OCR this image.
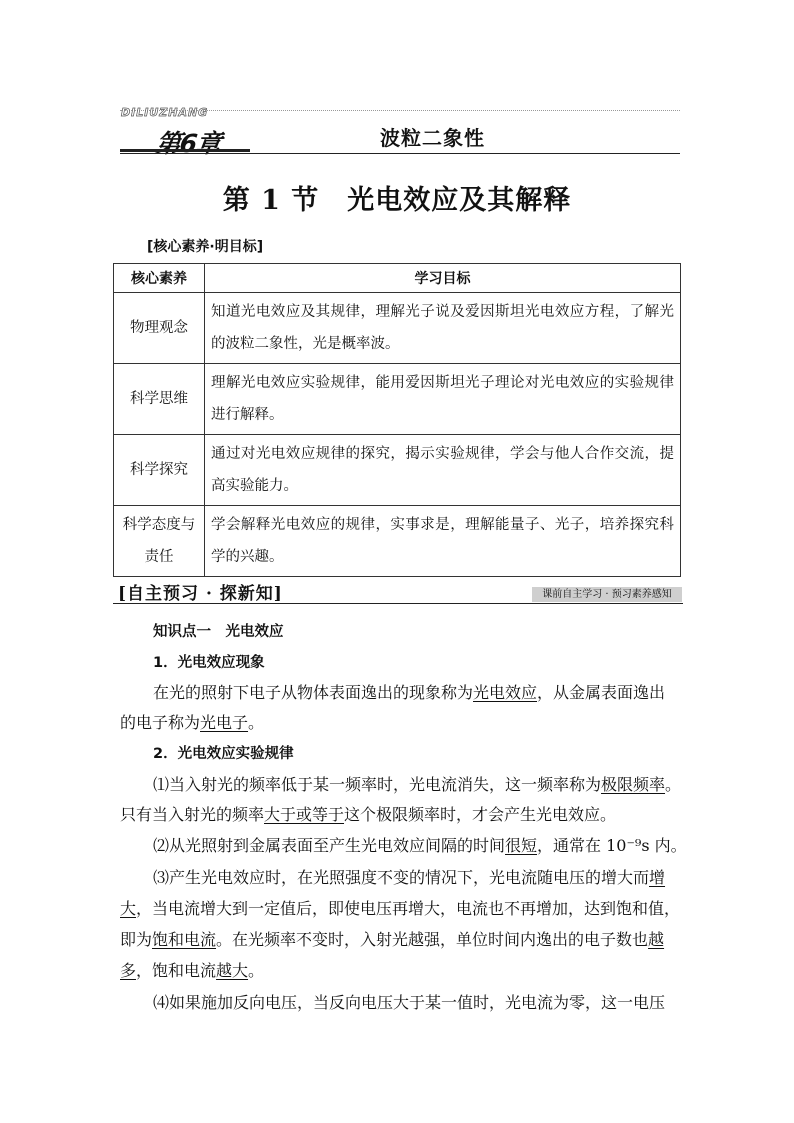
DILIUZHANG
第6章	波粒二象性
第 1 节　光电效应及其解释
[核心素养·明目标]
核心素养	学习目标
物理观念	知道光电效应及其规律，理解光子说及爱因斯坦光电效应方程，了解光的波粒二象性，光是概率波。
科学思维	理解光电效应实验规律，能用爱因斯坦光子理论对光电效应的实验规律进行解释。
科学探究	通过对光电效应规律的探究，揭示实验规律，学会与他人合作交流，提高实验能力。
科学态度与责任	学会解释光电效应的规律，实事求是，理解能量子、光子，培养探究科学的兴趣。
[自主预习 · 探新知]	课前自主学习 · 预习素养感知
知识点一　光电效应
1．光电效应现象
在光的照射下电子从物体表面逸出的现象称为光电效应，从金属表面逸出
的电子称为光电子。
2．光电效应实验规律
⑴当入射光的频率低于某一频率时，光电流消失，这一频率称为极限频率。
只有当入射光的频率大于或等于这个极限频率时，才会产生光电效应。
⑵从光照射到金属表面至产生光电效应间隔的时间很短，通常在 10⁻⁹s 内。
⑶产生光电效应时，在光照强度不变的情况下，光电流随电压的增大而增
大，当电流增大到一定值后，即使电压再增大，电流也不再增加，达到饱和值，
即为饱和电流。在光频率不变时，入射光越强，单位时间内逸出的电子数也越
多，饱和电流越大。
⑷如果施加反向电压，当反向电压大于某一值时，光电流为零，这一电压
